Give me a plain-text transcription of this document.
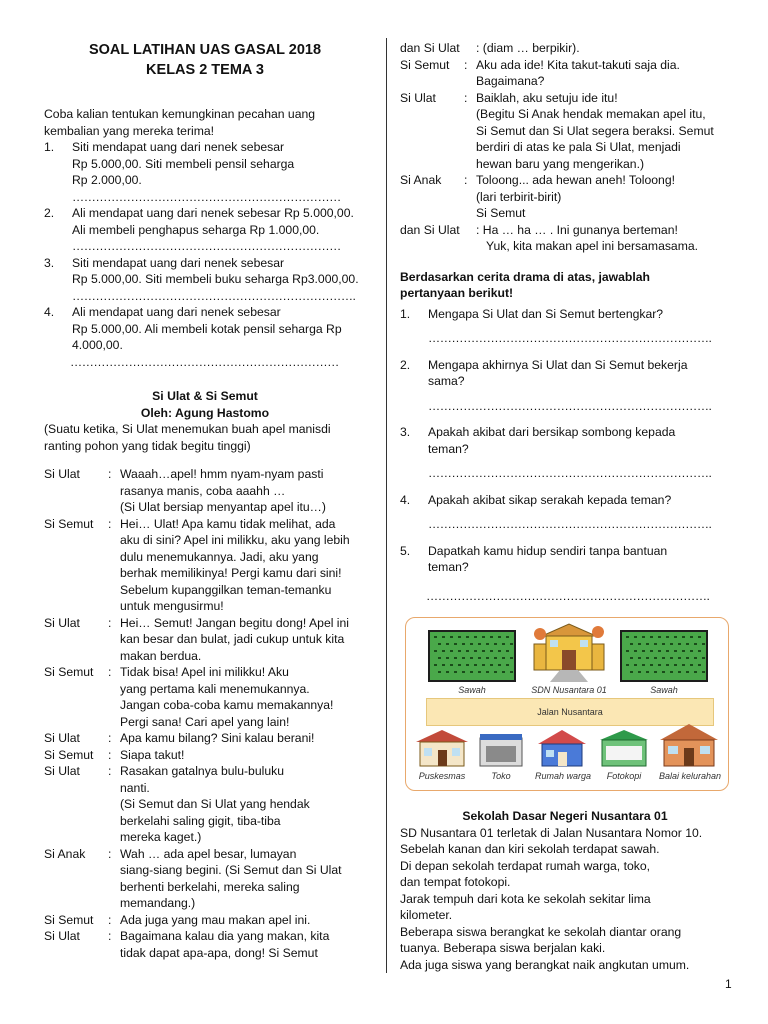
SOAL LATIHAN UAS GASAL 2018
KELAS 2 TEMA 3
Coba kalian tentukan kemungkinan pecahan uang
kembalian yang mereka terima!
1.	Siti mendapat uang dari nenek sebesar
Rp 5.000,00. Siti membeli pensil seharga
Rp 2.000,00.
……………………………………………………………
2.	Ali mendapat uang dari nenek sebesar Rp 5.000,00.
Ali membeli penghapus seharga Rp 1.000,00.
……………………………………………………………
3.	Siti mendapat uang dari nenek sebesar
Rp 5.000,00. Siti membeli buku seharga Rp3.000,00.
……………………………………………………………….
4.	Ali mendapat uang dari nenek sebesar
Rp 5.000,00. Ali membeli kotak pensil seharga Rp
4.000,00.
……………………………………………………………
Si Ulat & Si Semut
Oleh: Agung Hastomo
(Suatu ketika, Si Ulat menemukan buah apel manisdi
ranting pohon yang tidak begitu tinggi)
Si Ulat	: Waaah…apel! hmm nyam-nyam pasti
rasanya manis, coba aaahh …
(Si Ulat bersiap menyantap apel itu…)
Si Semut	: Hei… Ulat! Apa kamu tidak melihat, ada
aku di sini? Apel ini milikku, aku yang lebih
dulu menemukannya. Jadi, aku yang
berhak memilikinya! Pergi kamu dari sini!
Sebelum kupanggilkan teman-temanku
untuk mengusirmu!
Si Ulat	: Hei… Semut! Jangan begitu dong! Apel ini
kan besar dan bulat, jadi cukup untuk kita
makan berdua.
Si Semut	: Tidak bisa! Apel ini milikku! Aku
yang pertama kali menemukannya.
Jangan coba-coba kamu memakannya!
Pergi sana! Cari apel yang lain!
Si Ulat	: Apa kamu bilang? Sini kalau berani!
Si Semut	: Siapa takut!
Si Ulat	: Rasakan gatalnya bulu-buluku
nanti.
(Si Semut dan Si Ulat yang hendak
berkelahi saling gigit, tiba-tiba
mereka kaget.)
Si Anak	: Wah … ada apel besar, lumayan
siang-siang begini. (Si Semut dan Si Ulat
berhenti berkelahi, mereka saling
memandang.)
Si Semut	: Ada juga yang mau makan apel ini.
Si Ulat	: Bagaimana kalau dia yang makan, kita
tidak dapat apa-apa, dong! Si Semut
dan Si Ulat	: (diam … berpikir).
Si Semut	: Aku ada ide! Kita takut-takuti saja dia.
Bagaimana?
Si Ulat	: Baiklah, aku setuju ide itu!
(Begitu Si Anak hendak memakan apel itu,
Si Semut dan Si Ulat segera beraksi. Semut
berdiri di atas ke pala Si Ulat, menjadi
hewan baru yang mengerikan.)
Si Anak	: Toloong... ada hewan aneh! Toloong!
(lari terbirit-birit)
Si Semut
dan Si Ulat	: Ha … ha … . Ini gunanya berteman!
Yuk, kita makan apel ini bersamasama.
Berdasarkan cerita drama di atas, jawablah
pertanyaan berikut!
1.	Mengapa Si Ulat dan Si Semut bertengkar?
……………………………………………………………….
2.	Mengapa akhirnya Si Ulat dan Si Semut bekerja
sama?
……………………………………………………………….
3.	Apakah akibat dari bersikap sombong kepada
teman?
……………………………………………………………….
4.	Apakah akibat sikap serakah kepada teman?
……………………………………………………………….
5.	Dapatkah kamu hidup sendiri tanpa bantuan
teman?
……………………………………………………………….
Sawah	SDN Nusantara 01	Sawah
Jalan Nusantara
Puskesmas	Toko	Rumah warga	Fotokopi	Balai kelurahan
Sekolah Dasar Negeri Nusantara 01
SD Nusantara 01 terletak di Jalan Nusantara Nomor 10.
Sebelah kanan dan kiri sekolah terdapat sawah.
Di depan sekolah terdapat rumah warga, toko,
dan tempat fotokopi.
Jarak tempuh dari kota ke sekolah sekitar lima
kilometer.
Beberapa siswa berangkat ke sekolah diantar orang
tuanya. Beberapa siswa berjalan kaki.
Ada juga siswa yang berangkat naik angkutan umum.
1
